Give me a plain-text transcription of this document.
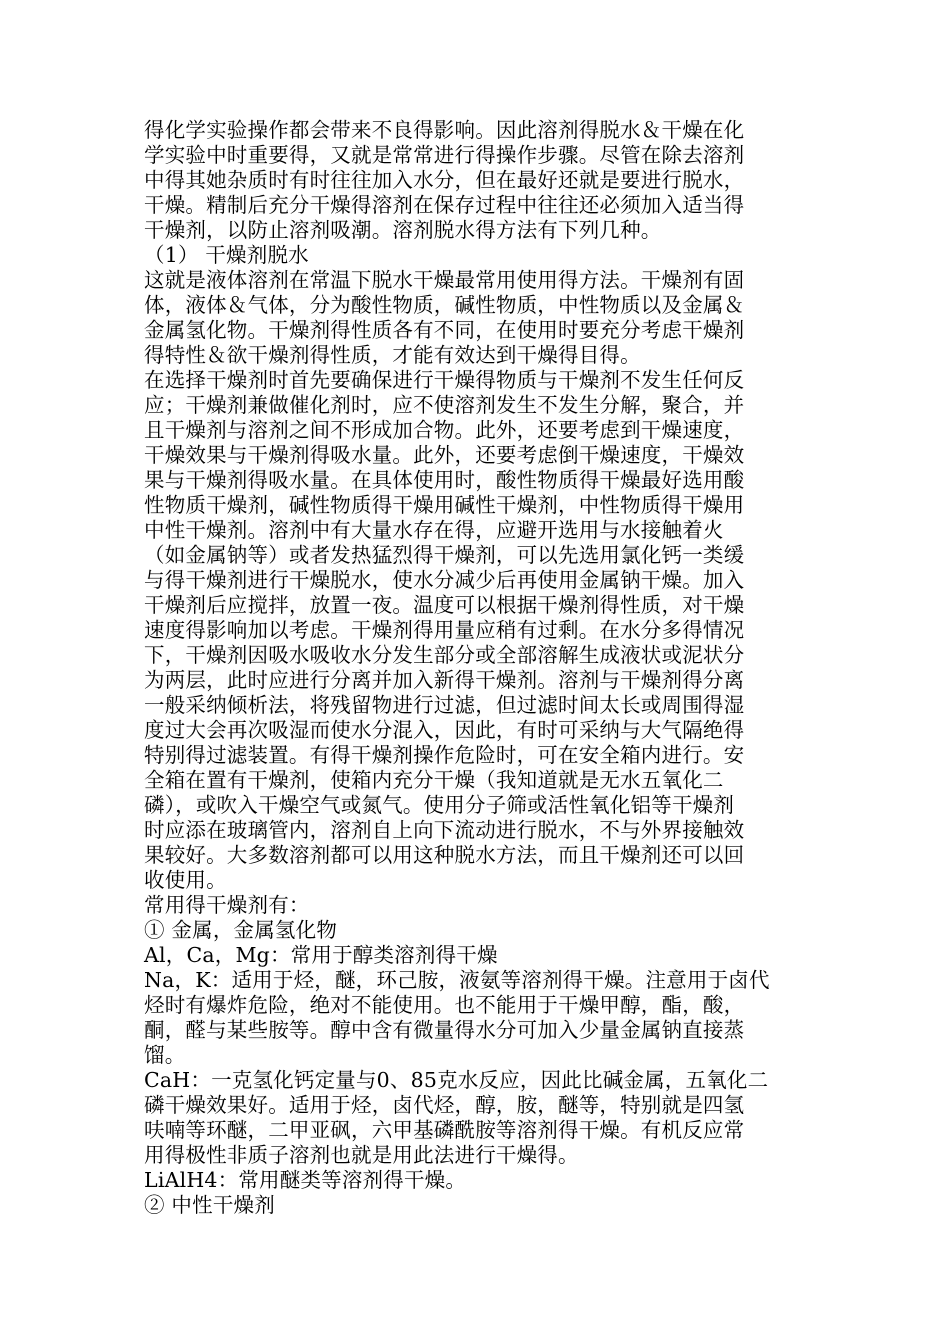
得化学实验操作都会带来不良得影响。因此溶剂得脱水＆干燥在化
学实验中时重要得，又就是常常进行得操作步骤。尽管在除去溶剂
中得其她杂质时有时往往加入水分，但在最好还就是要进行脱水，
干燥。精制后充分干燥得溶剂在保存过程中往往还必须加入适当得
干燥剂，以防止溶剂吸潮。溶剂脱水得方法有下列几种。
（1） 干燥剂脱水
这就是液体溶剂在常温下脱水干燥最常用使用得方法。干燥剂有固
体，液体＆气体，分为酸性物质，碱性物质，中性物质以及金属＆
金属氢化物。干燥剂得性质各有不同，在使用时要充分考虑干燥剂
得特性＆欲干燥剂得性质，才能有效达到干燥得目得。
在选择干燥剂时首先要确保进行干燥得物质与干燥剂不发生任何反
应；干燥剂兼做催化剂时，应不使溶剂发生不发生分解，聚合，并
且干燥剂与溶剂之间不形成加合物。此外，还要考虑到干燥速度，
干燥效果与干燥剂得吸水量。此外，还要考虑倒干燥速度，干燥效
果与干燥剂得吸水量。在具体使用时，酸性物质得干燥最好选用酸
性物质干燥剂，碱性物质得干燥用碱性干燥剂，中性物质得干燥用
中性干燥剂。溶剂中有大量水存在得，应避开选用与水接触着火
（如金属钠等）或者发热猛烈得干燥剂，可以先选用氯化钙一类缓
与得干燥剂进行干燥脱水，使水分减少后再使用金属钠干燥。加入
干燥剂后应搅拌，放置一夜。温度可以根据干燥剂得性质，对干燥
速度得影响加以考虑。干燥剂得用量应稍有过剩。在水分多得情况
下，干燥剂因吸水吸收水分发生部分或全部溶解生成液状或泥状分
为两层，此时应进行分离并加入新得干燥剂。溶剂与干燥剂得分离
一般采纳倾析法，将残留物进行过滤，但过滤时间太长或周围得湿
度过大会再次吸湿而使水分混入，因此，有时可采纳与大气隔绝得
特别得过滤装置。有得干燥剂操作危险时，可在安全箱内进行。安
全箱在置有干燥剂，使箱内充分干燥（我知道就是无水五氧化二
磷），或吹入干燥空气或氮气。使用分子筛或活性氧化铝等干燥剂
时应添在玻璃管内，溶剂自上向下流动进行脱水，不与外界接触效
果较好。大多数溶剂都可以用这种脱水方法，而且干燥剂还可以回
收使用。
常用得干燥剂有：
① 金属，金属氢化物
Al，Ca，Mg：常用于醇类溶剂得干燥
Na，K：适用于烃，醚，环己胺，液氨等溶剂得干燥。注意用于卤代
烃时有爆炸危险，绝对不能使用。也不能用于干燥甲醇，酯，酸，
酮，醛与某些胺等。醇中含有微量得水分可加入少量金属钠直接蒸
馏。
CaH：一克氢化钙定量与0、85克水反应，因此比碱金属，五氧化二
磷干燥效果好。适用于烃，卤代烃，醇，胺，醚等，特别就是四氢
呋喃等环醚，二甲亚砜，六甲基磷酰胺等溶剂得干燥。有机反应常
用得极性非质子溶剂也就是用此法进行干燥得。
LiAlH4：常用醚类等溶剂得干燥。
② 中性干燥剂
